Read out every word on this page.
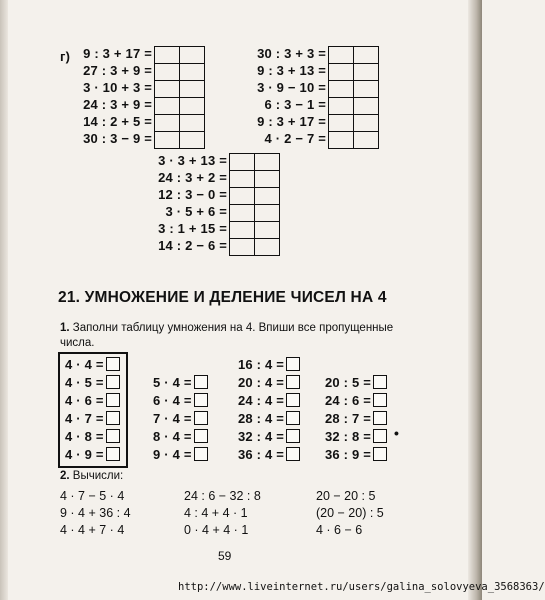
г) 9 : 3 + 17 =
27 : 3 + 9 =
3 · 10 + 3 =
24 : 3 + 9 =
14 : 2 + 5 =
30 : 3 − 9 =
30 : 3 + 3 =
9 : 3 + 13 =
3 · 9 − 10 =
6 : 3 − 1 =
9 : 3 + 17 =
4 · 2 − 7 =
3 · 3 + 13 =
24 : 3 + 2 =
12 : 3 − 0 =
3 · 5 + 6 =
3 : 1 + 15 =
14 : 2 − 6 =
21. УМНОЖЕНИЕ И ДЕЛЕНИЕ ЧИСЕЛ НА 4
1. Заполни таблицу умножения на 4. Впиши все пропущенные числа.
4 · 4 =
4 · 5 =
4 · 6 =
4 · 7 =
4 · 8 =
4 · 9 =
5 · 4 =
6 · 4 =
7 · 4 =
8 · 4 =
9 · 4 =
16 : 4 =
20 : 4 =
24 : 4 =
28 : 4 =
32 : 4 =
36 : 4 =
20 : 5 =
24 : 6 =
28 : 7 =
32 : 8 =
36 : 9 =
•
2. Вычисли:
4 · 7 − 5 · 4
9 · 4 + 36 : 4
4 · 4 + 7 · 4
24 : 6 − 32 : 8
4 : 4 + 4 · 1
0 · 4 + 4 · 1
20 − 20 : 5
(20 − 20) : 5
4 · 6 − 6
59
http://www.liveinternet.ru/users/galina_solovyeva_3568363/
